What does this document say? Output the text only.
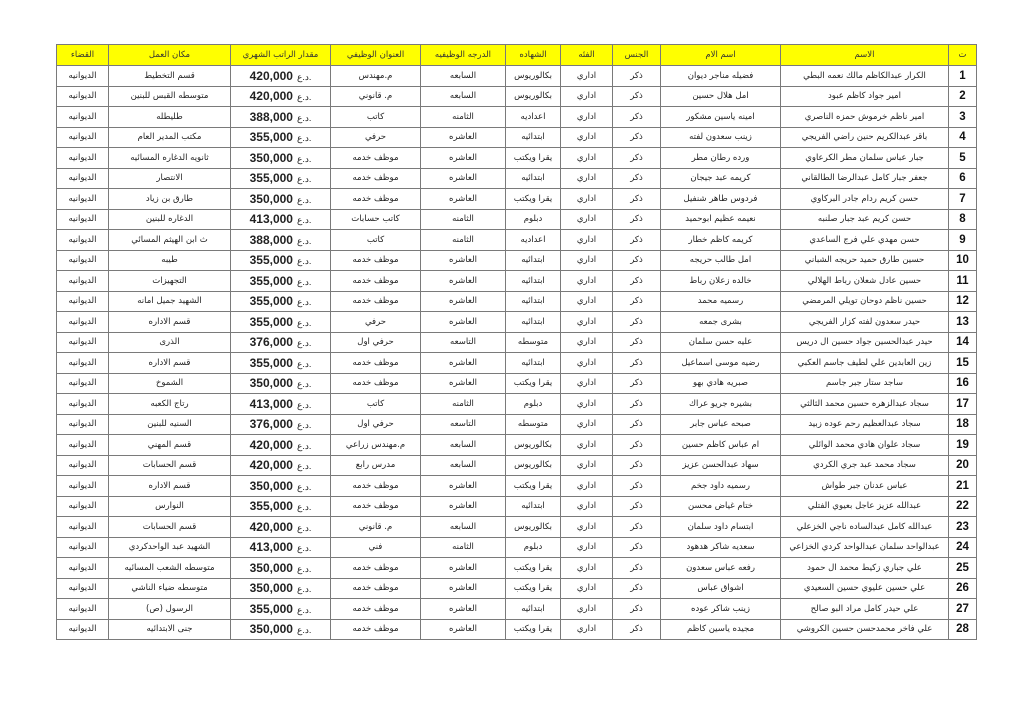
ت	الاسم	اسم الام	الجنس	الفئه	الشهاده	الدرجه الوظيفيه	العنوان الوظيفي	مقدار الراتب الشهري	مكان العمل	القضاء
1	الكرار عبدالكاظم مالك نعمه البطي	فضيله مناجر ديوان	ذكر	اداري	بكالوريوس	السابعه	م.مهندس	420,000 د.ع.	قسم التخطيط	الديوانيه
2	امير جواد كاظم عبود	امل هلال حسين	ذكر	اداري	بكالوريوس	السابعه	م. قانوني	420,000 د.ع.	متوسطه القبس للبنين	الديوانيه
3	امير ناظم خرموش حمزه الناصري	امينه ياسين مشكور	ذكر	اداري	اعداديه	الثامنه	كاتب	388,000 د.ع.	طليطله	الديوانيه
4	باقر عبدالكريم حنين راضي الفريجي	زينب سعدون لفته	ذكر	اداري	ابتدائيه	العاشره	حرفي	355,000 د.ع.	مكتب المدير العام	الديوانيه
5	جبار عباس سلمان مطر الكرعاوي	ورده رطان مطر	ذكر	اداري	يقرا ويكتب	العاشره	موظف خدمه	350,000 د.ع.	ثانويه الدغاره المسائيه	الديوانيه
6	جعفر جبار كامل عبدالرضا الطالقاني	كريمه عبد جيجان	ذكر	اداري	ابتدائيه	العاشره	موظف خدمه	355,000 د.ع.	الانتصار	الديوانيه
7	حسن كريم ردام جادر البركاوي	فردوس طاهر شنفيل	ذكر	اداري	يقرا ويكتب	العاشره	موظف خدمه	350,000 د.ع.	طارق بن زياد	الديوانيه
8	حسن كريم عبد جبار صلنبه	نعيمه عظيم ابوحميد	ذكر	اداري	دبلوم	الثامنه	كاتب حسابات	413,000 د.ع.	الدغاره للبنين	الديوانيه
9	حسن مهدي علي فرج الساعدي	كريمه كاظم خطار	ذكر	اداري	اعداديه	الثامنه	كاتب	388,000 د.ع.	ث ابن الهيثم المسائي	الديوانيه
10	حسين طارق حميد حريجه الشباني	امل طالب حريجه	ذكر	اداري	ابتدائيه	العاشره	موظف خدمه	355,000 د.ع.	طيبه	الديوانيه
11	حسين عادل شعلان رباط الهلالي	خالده زعلان رباط	ذكر	اداري	ابتدائيه	العاشره	موظف خدمه	355,000 د.ع.	التجهيزات	الديوانيه
12	حسين ناظم دوحان تويلي المرمضي	رسميه محمد	ذكر	اداري	ابتدائيه	العاشره	موظف خدمه	355,000 د.ع.	الشهيد جميل امانه	الديوانيه
13	حيدر سعدون لفته كزار الفريجي	بشرى جمعه	ذكر	اداري	ابتدائيه	العاشره	حرفي	355,000 د.ع.	قسم الاداره	الديوانيه
14	حيدر عبدالحسين جواد حسين ال دريس	عليه حسن سلمان	ذكر	اداري	متوسطه	التاسعه	حرفي اول	376,000 د.ع.	الذرى	الديوانيه
15	زين العابدين علي لطيف جاسم العكبي	رضيه موسى اسماعيل	ذكر	اداري	ابتدائيه	العاشره	موظف خدمه	355,000 د.ع.	قسم الاداره	الديوانيه
16	ساجد ستار جبر جاسم	صبريه هادي بهو	ذكر	اداري	يقرا ويكتب	العاشره	موظف خدمه	350,000 د.ع.	الشموخ	الديوانيه
17	سجاد عبدالزهره حسين محمد الثالثي	بشيره جريو عراك	ذكر	اداري	دبلوم	الثامنه	كاتب	413,000 د.ع.	رتاج الكعبه	الديوانيه
18	سجاد عبدالعظيم رحم عوده زبيد	صبحه عباس جابر	ذكر	اداري	متوسطه	التاسعه	حرفي اول	376,000 د.ع.	السنيه للبنين	الديوانيه
19	سجاد علوان هادي محمد الوائلي	ام عباس كاظم حسين	ذكر	اداري	بكالوريوس	السابعه	م.مهندس زراعي	420,000 د.ع.	قسم المهني	الديوانيه
20	سجاد محمد عبد جري الكردي	سهاد عبدالحسن عزيز	ذكر	اداري	بكالوريوس	السابعه	مدرس رابع	420,000 د.ع.	قسم الحسابات	الديوانيه
21	عباس عدنان جبر طواش	رسميه داود جخم	ذكر	اداري	يقرا ويكتب	العاشره	موظف خدمه	350,000 د.ع.	قسم الاداره	الديوانيه
22	عبدالله عزيز عاجل بعيوي الفتلي	ختام غياض محسن	ذكر	اداري	ابتدائيه	العاشره	موظف خدمه	355,000 د.ع.	النوارس	الديوانيه
23	عبدالله كامل عبدالساده ناجي الخزعلي	ابتسام داود سلمان	ذكر	اداري	بكالوريوس	السابعه	م. قانوني	420,000 د.ع.	قسم الحسابات	الديوانيه
24	عبدالواحد سلمان عبدالواحد كردي الخزاعي	سعديه شاكر هدهود	ذكر	اداري	دبلوم	الثامنه	فني	413,000 د.ع.	الشهيد عبد الواحدكردي	الديوانيه
25	علي جباري زكيط محمد ال حمود	رفعه عباس سعدون	ذكر	اداري	يقرا ويكتب	العاشره	موظف خدمه	350,000 د.ع.	متوسطه الشعب المسائيه	الديوانيه
26	علي حسين عليوي حسين السعيدي	اشواق عباس	ذكر	اداري	يقرا ويكتب	العاشره	موظف خدمه	350,000 د.ع.	متوسطه ضياء الناشي	الديوانيه
27	علي حيدر كامل مراد البو صالح	زينب شاكر عوده	ذكر	اداري	ابتدائيه	العاشره	موظف خدمه	355,000 د.ع.	الرسول (ص)	الديوانيه
28	علي فاخر محمدحسن حسين الكروشي	مجيده ياسين كاظم	ذكر	اداري	يقرا ويكتب	العاشره	موظف خدمه	350,000 د.ع.	جنى الابتدائيه	الديوانيه
